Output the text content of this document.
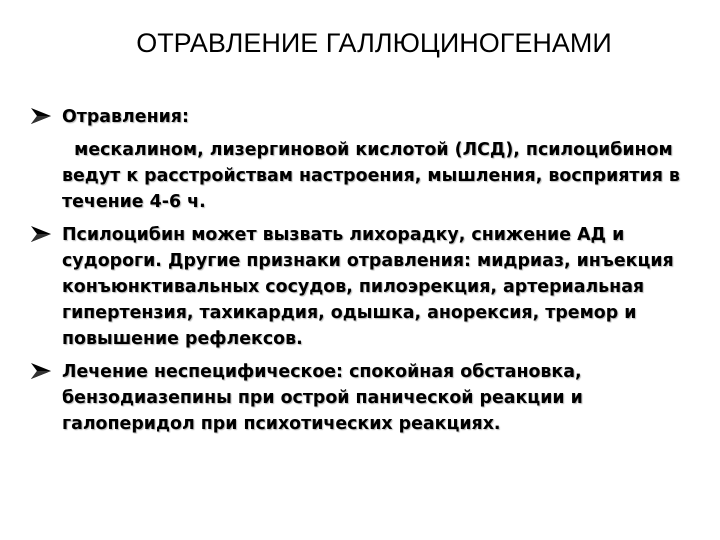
ОТРАВЛЕНИЕ ГАЛЛЮЦИНОГЕНАМИ
Отравления:
мескалином, лизергиновой кислотой (ЛСД), псилоцибином ведут к расстройствам настроения, мышления, восприятия в течение 4-6 ч.
Псилоцибин может вызвать лихорадку, снижение АД и судороги. Другие признаки отравления: мидриаз, инъекция конъюнктивальных сосудов, пилоэрекция, артериальная гипертензия, тахикардия, одышка, анорексия, тремор и повышение рефлексов.
Лечение неспецифическое: спокойная обстановка, бензодиазепины при острой панической реакции и галоперидол при психотических реакциях.
